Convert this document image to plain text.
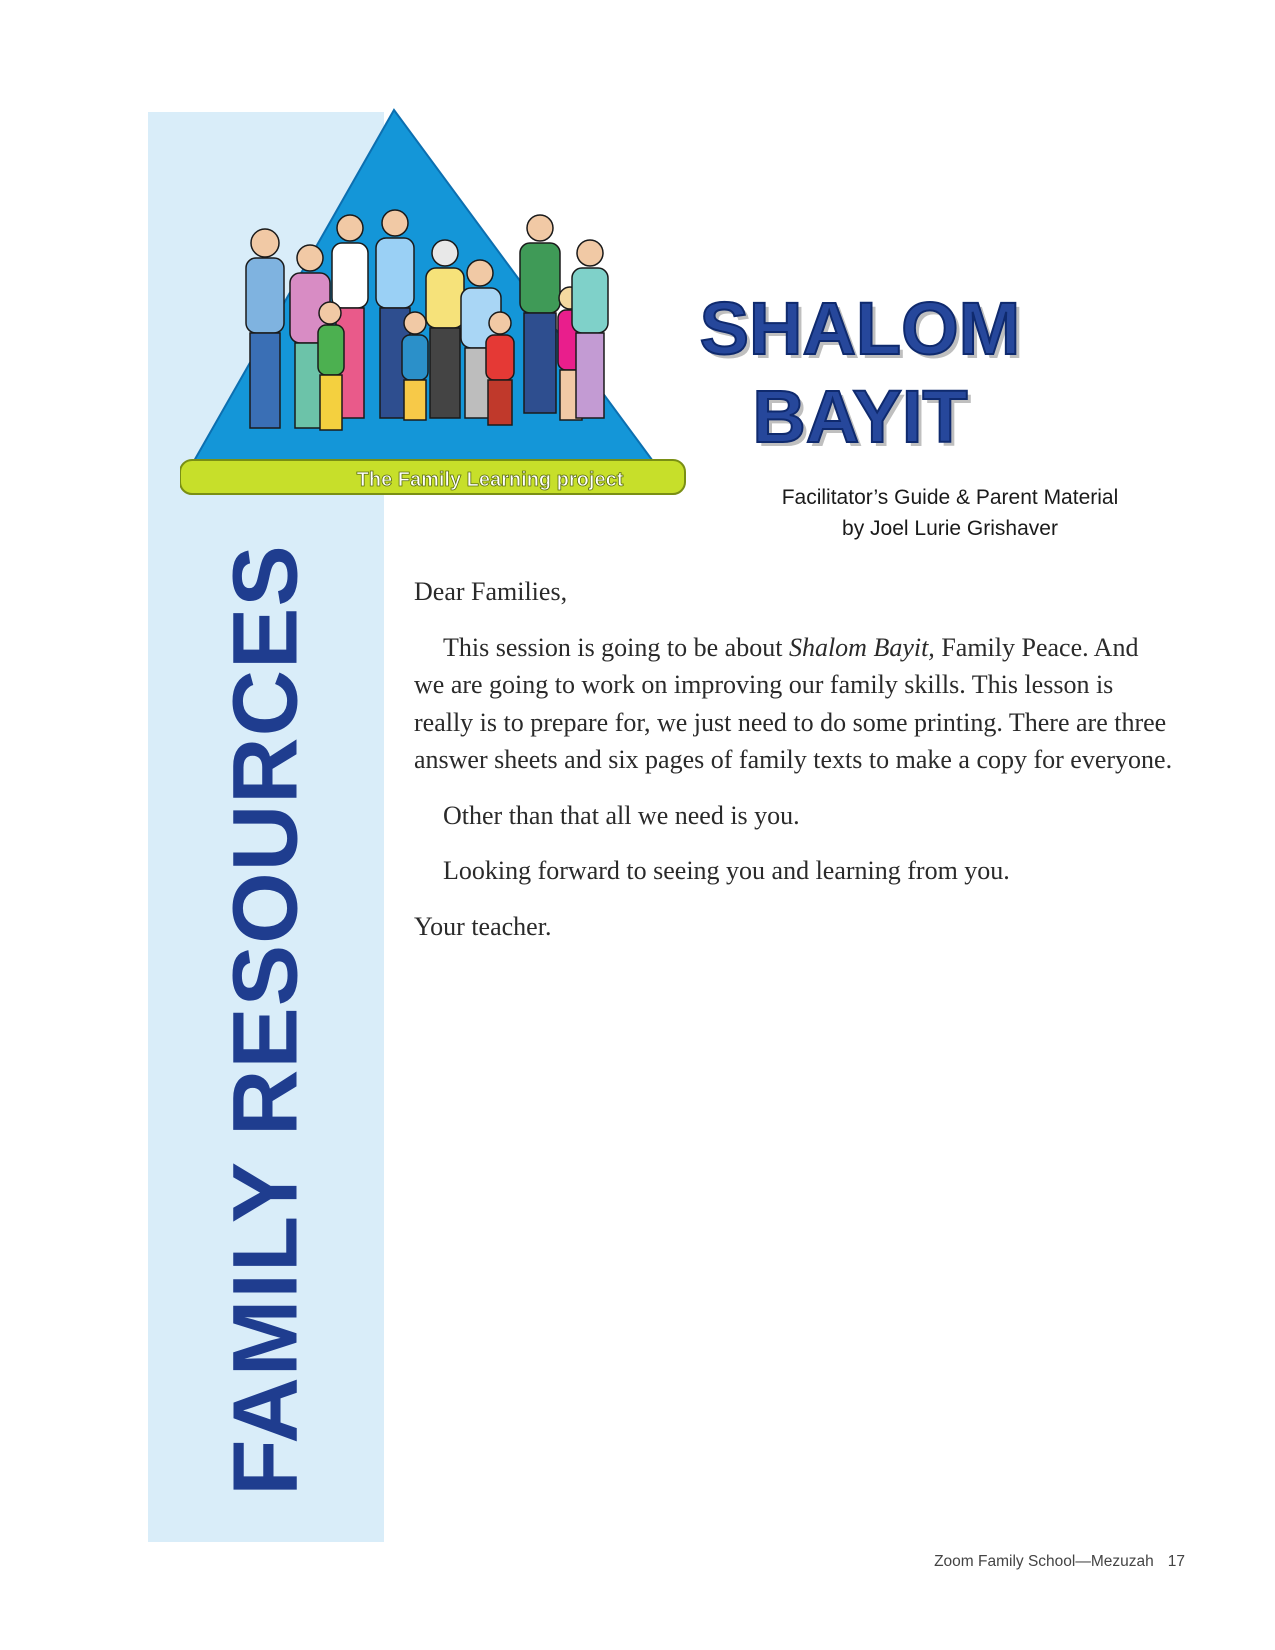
FAMILY RESOURCES
The Family Learning project
SHALOM
BAYIT
Facilitator’s Guide & Parent Material
by Joel Lurie Grishaver

Dear Families,

This session is going to be about Shalom Bayit, Family Peace. And we are going to work on improving our family skills. This lesson is really is to prepare for, we just need to do some printing. There are three answer sheets and six pages of family texts to make a copy for everyone.

Other than that all we need is you.

Looking forward to seeing you and learning from you.

Your teacher.

Zoom Family School—Mezuzah 17
